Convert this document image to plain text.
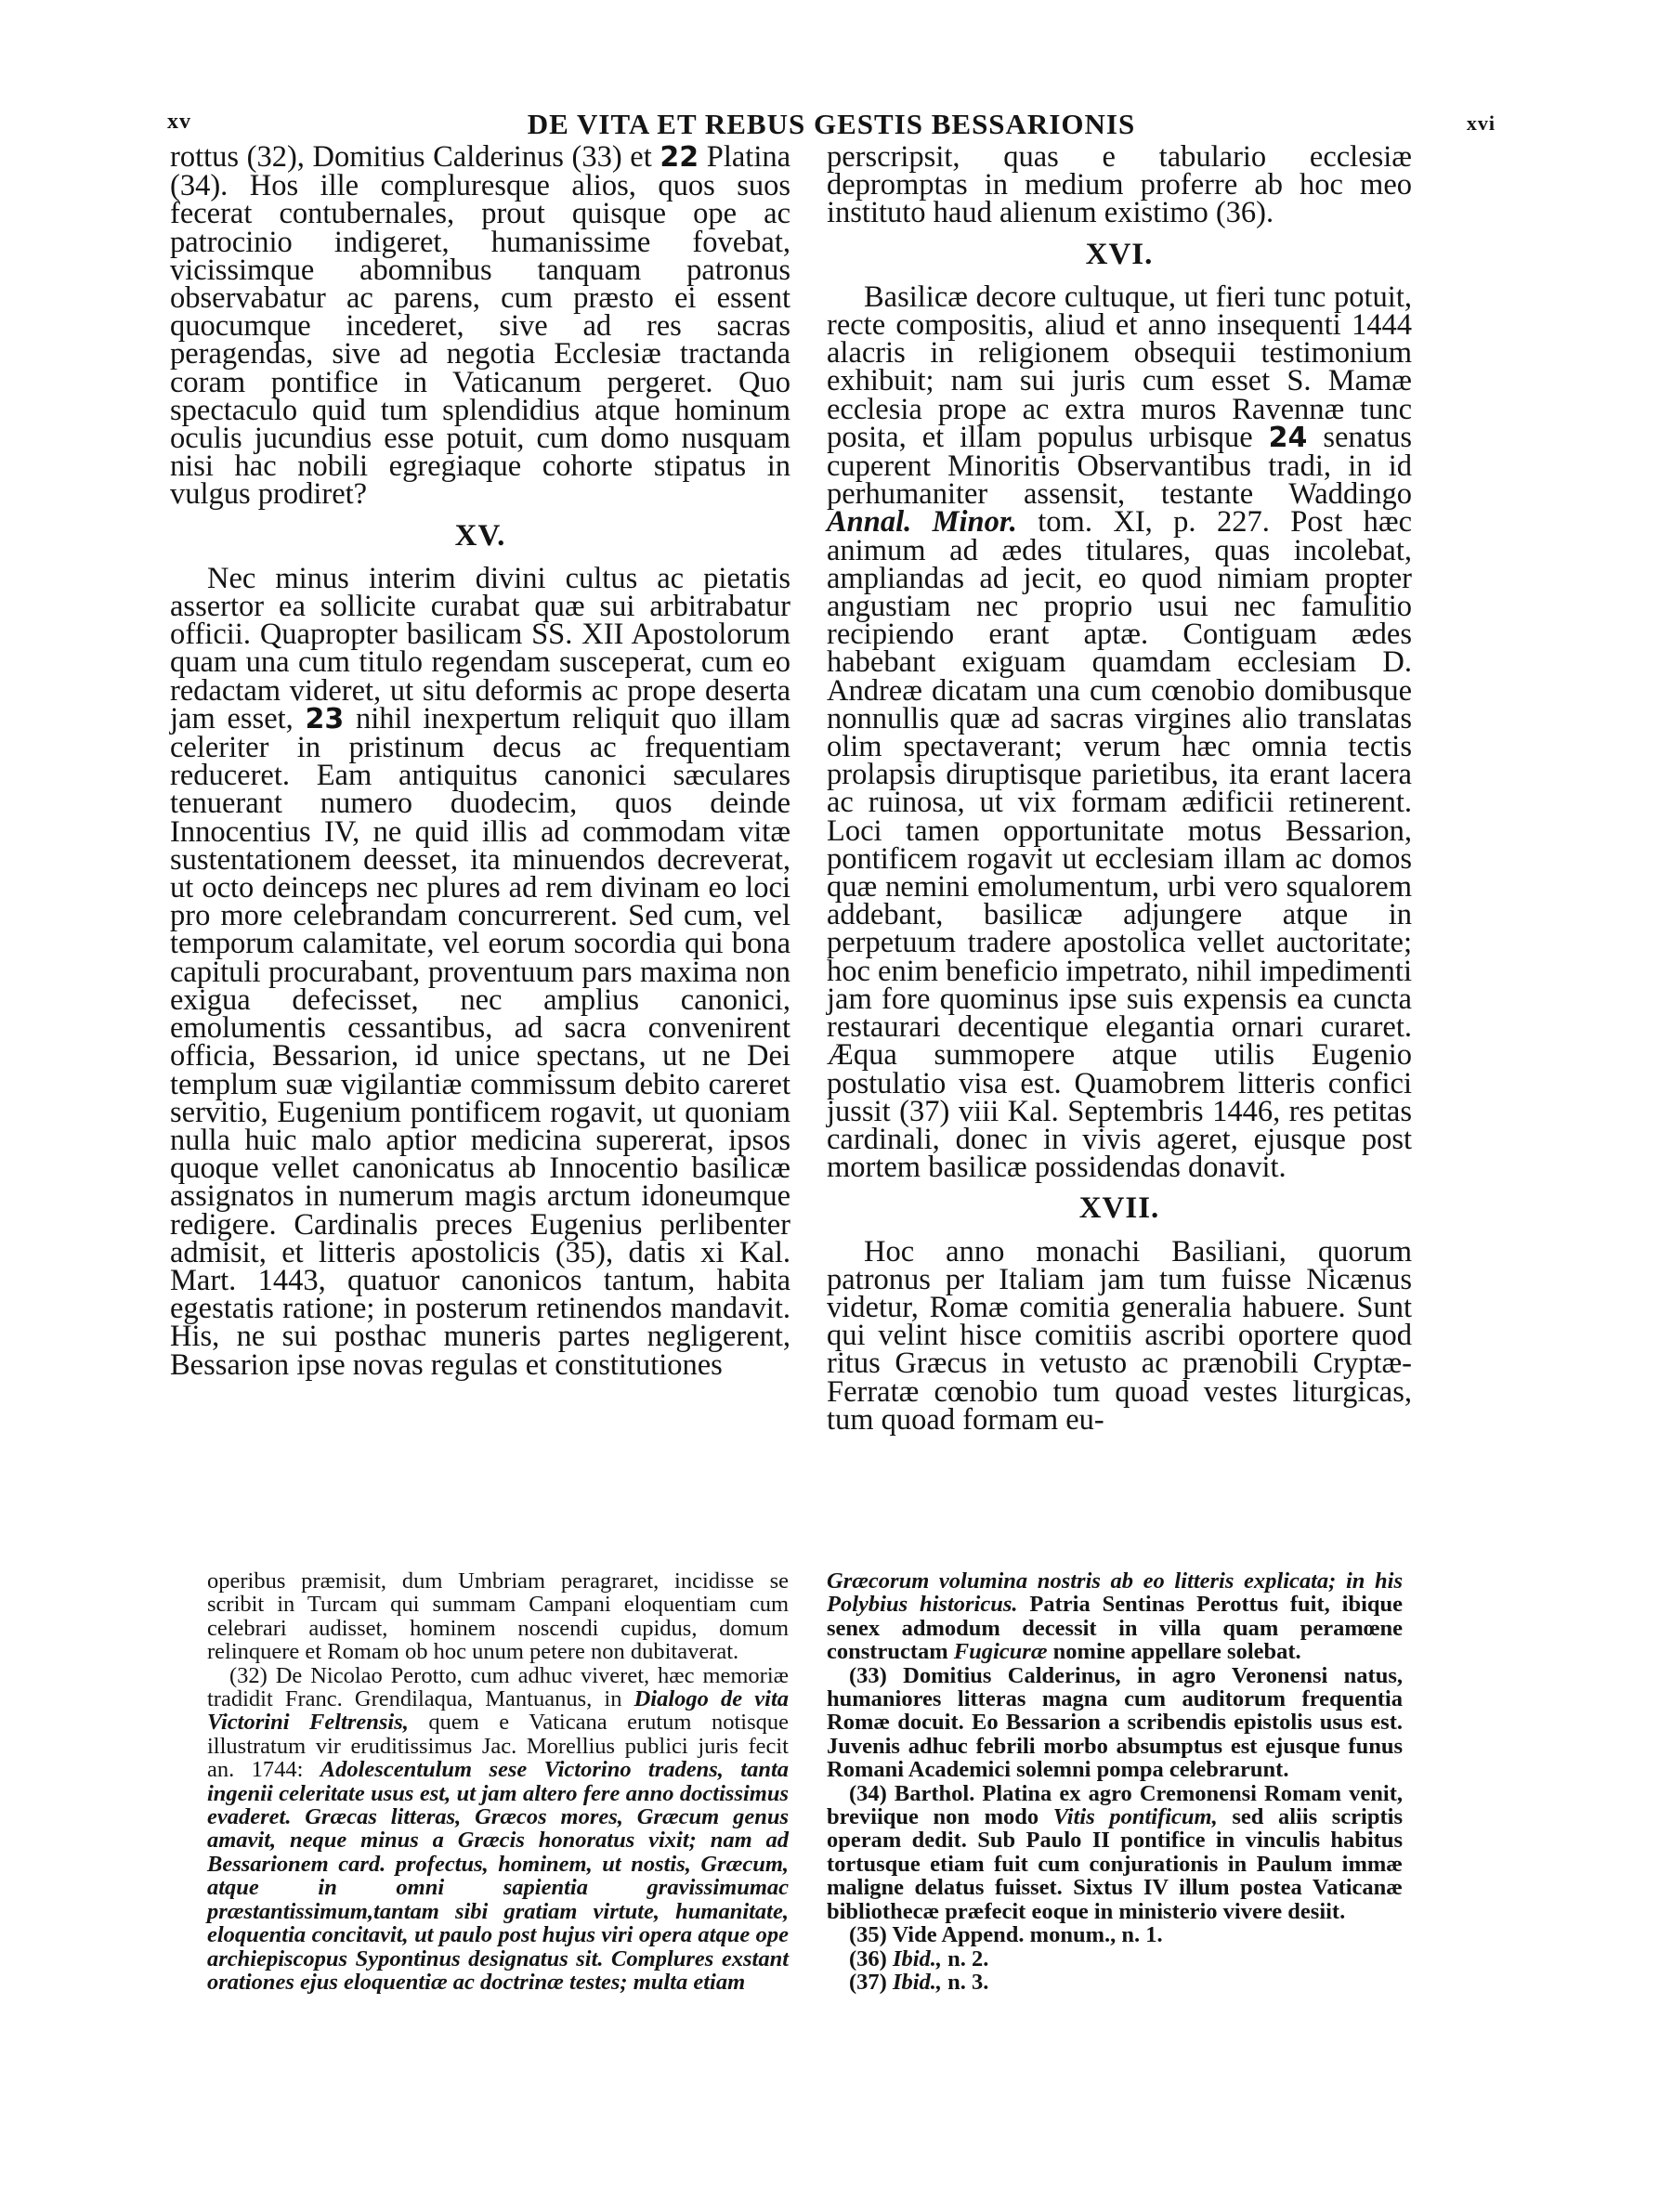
xv	DE VITA ET REBUS GESTIS BESSARIONIS	xvi

rottus (32), Domitius Calderinus (33) et 22 Platina (34). Hos ille compluresque alios, quos suos fecerat contubernales, prout quisque ope ac patrocinio indigeret, humanissime fovebat, vicissimque abomnibus tanquam patronus observabatur ac parens, cum præsto ei essent quocumque incederet, sive ad res sacras peragendas, sive ad negotia Ecclesiæ tractanda coram pontifice in Vaticanum pergeret. Quo spectaculo quid tum splendidius atque hominum oculis jucundius esse potuit, cum domo nusquam nisi hac nobili egregiaque cohorte stipatus in vulgus prodiret?

XV.

Nec minus interim divini cultus ac pietatis assertor ea sollicite curabat quæ sui arbitrabatur officii. Quapropter basilicam SS. XII Apostolorum quam una cum titulo regendam susceperat, cum eo redactam videret, ut situ deformis ac prope deserta jam esset, 23 nihil inexpertum reliquit quo illam celeriter in pristinum decus ac frequentiam reduceret. Eam antiquitus canonici sæculares tenuerant numero duodecim, quos deinde Innocentius IV, ne quid illis ad commodam vitæ sustentationem deesset, ita minuendos decreverat, ut octo deinceps nec plures ad rem divinam eo loci pro more celebrandam concurrerent. Sed cum, vel temporum calamitate, vel eorum socordia qui bona capituli procurabant, proventuum pars maxima non exigua defecisset, nec amplius canonici, emolumentis cessantibus, ad sacra convenirent officia, Bessarion, id unice spectans, ut ne Dei templum suæ vigilantiæ commissum debito careret servitio, Eugenium pontificem rogavit, ut quoniam nulla huic malo aptior medicina supererat, ipsos quoque vellet canonicatus ab Innocentio basilicæ assignatos in numerum magis arctum idoneumque redigere. Cardinalis preces Eugenius perlibenter admisit, et litteris apostolicis (35), datis xi Kal. Mart. 1443, quatuor canonicos tantum, habita egestatis ratione; in posterum retinendos mandavit. His, ne sui posthac muneris partes negligerent, Bessarion ipse novas regulas et constitutiones

perscripsit, quas e tabulario ecclesiæ depromptas in medium proferre ab hoc meo instituto haud alienum existimo (36).

XVI.

Basilicæ decore cultuque, ut fieri tunc potuit, recte compositis, aliud et anno insequenti 1444 alacris in religionem obsequii testimonium exhibuit; nam sui juris cum esset S. Mamæ ecclesia prope ac extra muros Ravennæ tunc posita, et illam populus urbisque 24 senatus cuperent Minoritis Observantibus tradi, in id perhumaniter assensit, testante Waddingo Annal. Minor. tom. XI, p. 227. Post hæc animum ad ædes titulares, quas incolebat, ampliandas ad jecit, eo quod nimiam propter angustiam nec proprio usui nec famulitio recipiendo erant aptæ. Contiguam ædes habebant exiguam quamdam ecclesiam D. Andreæ dicatam una cum cœnobio domibusque nonnullis quæ ad sacras virgines alio translatas olim spectaverant; verum hæc omnia tectis prolapsis diruptisque parietibus, ita erant lacera ac ruinosa, ut vix formam ædificii retinerent. Loci tamen opportunitate motus Bessarion, pontificem rogavit ut ecclesiam illam ac domos quæ nemini emolumentum, urbi vero squalorem addebant, basilicæ adjungere atque in perpetuum tradere apostolica vellet auctoritate; hoc enim beneficio impetrato, nihil impedimenti jam fore quominus ipse suis expensis ea cuncta restaurari decentique elegantia ornari curaret. Æqua summopere atque utilis Eugenio postulatio visa est. Quamobrem litteris confici jussit (37) viii Kal. Septembris 1446, res petitas cardinali, donec in vivis ageret, ejusque post mortem basilicæ possidendas donavit.

XVII.

Hoc anno monachi Basiliani, quorum patronus per Italiam jam tum fuisse Nicænus videtur, Romæ comitia generalia habuere. Sunt qui velint hisce comitiis ascribi oportere quod ritus Græcus in vetusto ac prænobili Cryptæ-Ferratæ cœnobio tum quoad vestes liturgicas, tum quoad formam eu-

operibus præmisit, dum Umbriam peragraret, incidisse se scribit in Turcam qui summam Campani eloquentiam cum celebrari audisset, hominem noscendi cupidus, domum relinquere et Romam ob hoc unum petere non dubitaverat.

(32) De Nicolao Perotto, cum adhuc viveret, hæc memoriæ tradidit Franc. Grendilaqua, Mantuanus, in Dialogo de vita Victorini Feltrensis, quem e Vaticana erutum notisque illustratum vir eruditissimus Jac. Morellius publici juris fecit an. 1744: Adolescentulum sese Victorino tradens, tanta ingenii celeritate usus est, ut jam altero fere anno doctissimus evaderet. Græcas litteras, Græcos mores, Græcum genus amavit, neque minus a Græcis honoratus vixit; nam ad Bessarionem card. profectus, hominem, ut nostis, Græcum, atque in omni sapientia gravissimumac præstantissimum,tantam sibi gratiam virtute, humanitate, eloquentia concitavit, ut paulo post hujus viri opera atque ope archiepiscopus Sypontinus designatus sit. Complures exstant orationes ejus eloquentiæ ac doctrinæ testes; multa etiam

Græcorum volumina nostris ab eo litteris explicata; in his Polybius historicus. Patria Sentinas Perottus fuit, ibique senex admodum decessit in villa quam peramœne constructam Fugicuræ nomine appellare solebat.

(33) Domitius Calderinus, in agro Veronensi natus, humaniores litteras magna cum auditorum frequentia Romæ docuit. Eo Bessarion a scribendis epistolis usus est. Juvenis adhuc febrili morbo absumptus est ejusque funus Romani Academici solemni pompa celebrarunt.

(34) Barthol. Platina ex agro Cremonensi Romam venit, breviique non modo Vitis pontificum, sed aliis scriptis operam dedit. Sub Paulo II pontifice in vinculis habitus tortusque etiam fuit cum conjurationis in Paulum immæ maligne delatus fuisset. Sixtus IV illum postea Vaticanæ bibliothecæ præfecit eoque in ministerio vivere desiit.

(35) Vide Append. monum., n. 1.

(36) Ibid., n. 2.

(37) Ibid., n. 3.
